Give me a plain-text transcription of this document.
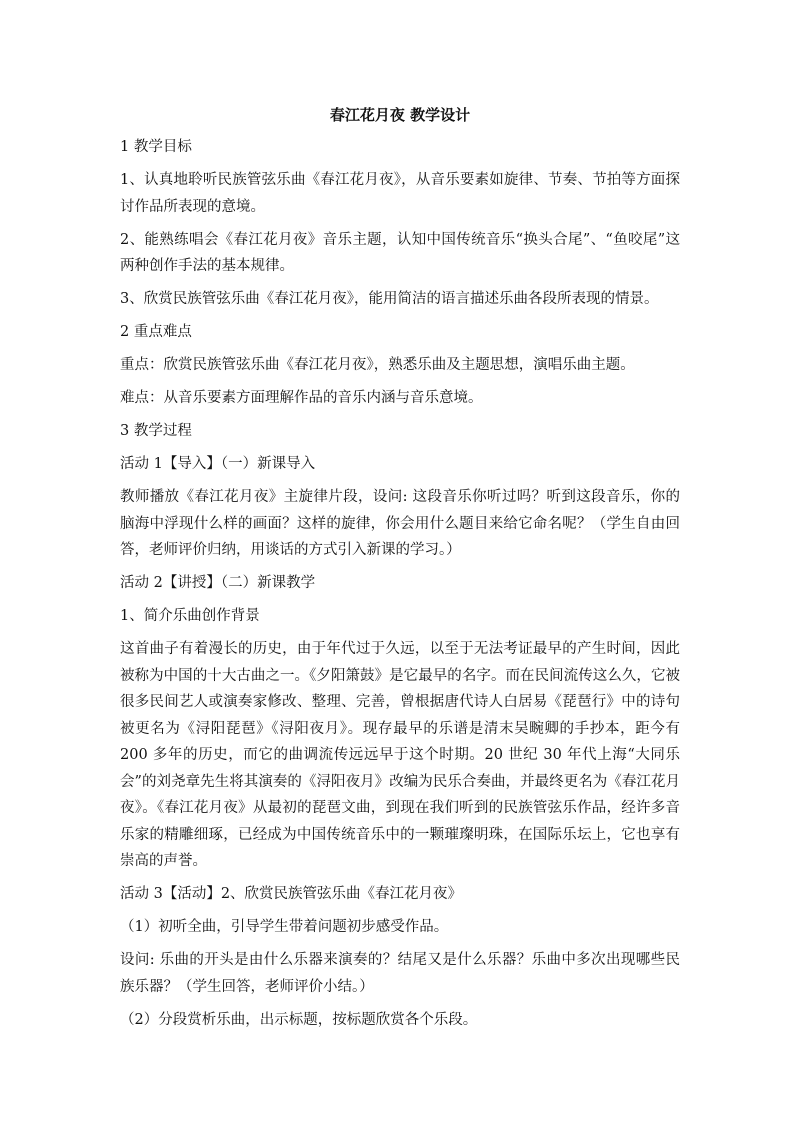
春江花月夜 教学设计
1 教学目标
1、认真地聆听民族管弦乐曲《春江花月夜》，从音乐要素如旋律、节奏、节拍等方面探讨作品所表现的意境。
2、能熟练唱会《春江花月夜》音乐主题，认知中国传统音乐“换头合尾”、“鱼咬尾”这两种创作手法的基本规律。
3、欣赏民族管弦乐曲《春江花月夜》，能用简洁的语言描述乐曲各段所表现的情景。
2 重点难点
重点：欣赏民族管弦乐曲《春江花月夜》，熟悉乐曲及主题思想，演唱乐曲主题。
难点：从音乐要素方面理解作品的音乐内涵与音乐意境。
3 教学过程
活动 1【导入】（一）新课导入
教师播放《春江花月夜》主旋律片段，设问: 这段音乐你听过吗？听到这段音乐，你的脑海中浮现什么样的画面？这样的旋律，你会用什么题目来给它命名呢？（学生自由回答，老师评价归纳，用谈话的方式引入新课的学习。）
活动 2【讲授】（二）新课教学
1、简介乐曲创作背景
这首曲子有着漫长的历史，由于年代过于久远，以至于无法考证最早的产生时间，因此被称为中国的十大古曲之一。《夕阳箫鼓》是它最早的名字。而在民间流传这么久，它被很多民间艺人或演奏家修改、整理、完善，曾根据唐代诗人白居易《琵琶行》中的诗句被更名为《浔阳琵琶》《浔阳夜月》。现存最早的乐谱是清末吴畹卿的手抄本，距今有 200 多年的历史，而它的曲调流传远远早于这个时期。20 世纪 30 年代上海“大同乐会”的刘尧章先生将其演奏的《浔阳夜月》改编为民乐合奏曲，并最终更名为《春江花月夜》。《春江花月夜》从最初的琵琶文曲，到现在我们听到的民族管弦乐作品，经许多音乐家的精雕细琢，已经成为中国传统音乐中的一颗璀璨明珠，在国际乐坛上，它也享有崇高的声誉。
活动 3【活动】2、欣赏民族管弦乐曲《春江花月夜》
（1）初听全曲，引导学生带着问题初步感受作品。
设问: 乐曲的开头是由什么乐器来演奏的？结尾又是什么乐器？乐曲中多次出现哪些民族乐器？（学生回答，老师评价小结。）
（2）分段赏析乐曲，出示标题，按标题欣赏各个乐段。
